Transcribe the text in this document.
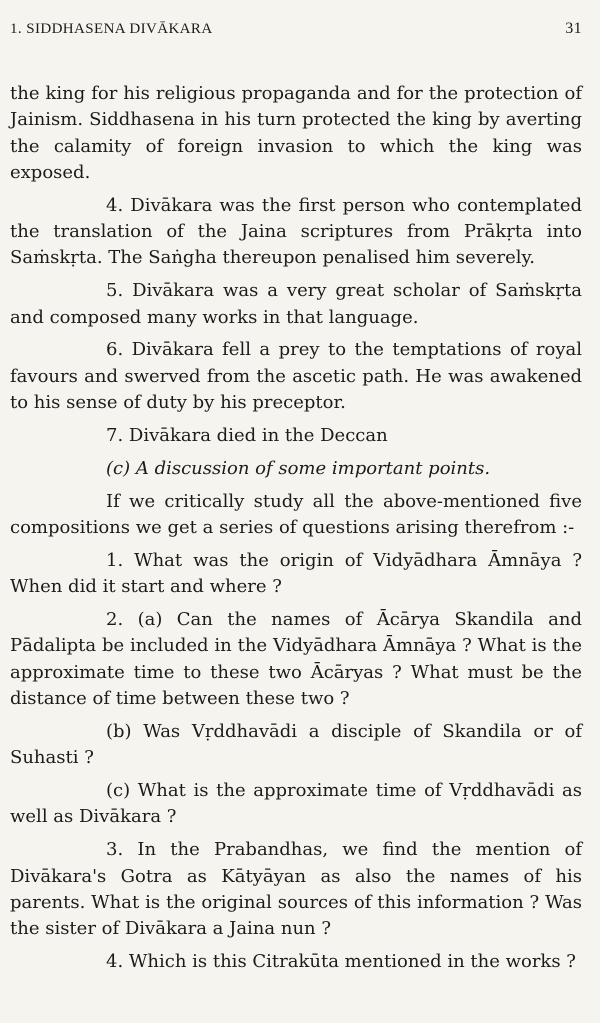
1. SIDDHASENA DIVĀKARA	31

the king for his religious propaganda and for the protection of Jainism. Siddhasena in his turn protected the king by averting the calamity of foreign invasion to which the king was exposed.

4. Divākara was the first person who contemplated the translation of the Jaina scriptures from Prākṛta into Saṁskṛta. The Saṅgha thereupon penalised him severely.

5. Divākara was a very great scholar of Saṁskṛta and composed many works in that language.

6. Divākara fell a prey to the temptations of royal favours and swerved from the ascetic path. He was awakened to his sense of duty by his preceptor.

7. Divākara died in the Deccan

(c) A discussion of some important points.

If we critically study all the above-mentioned five compositions we get a series of questions arising therefrom :-

1. What was the origin of Vidyādhara Āmnāya ? When did it start and where ?

2. (a) Can the names of Ācārya Skandila and Pādalipta be included in the Vidyādhara Āmnāya ? What is the approximate time to these two Ācāryas ? What must be the distance of time between these two ?

(b) Was Vṛddhavādi a disciple of Skandila or of Suhasti ?

(c) What is the approximate time of Vṛddhavādi as well as Divākara ?

3. In the Prabandhas, we find the mention of Divākara's Gotra as Kātyāyan as also the names of his parents. What is the original sources of this information ? Was the sister of Divākara a Jaina nun ?

4. Which is this Citrakūta mentioned in the works ?
